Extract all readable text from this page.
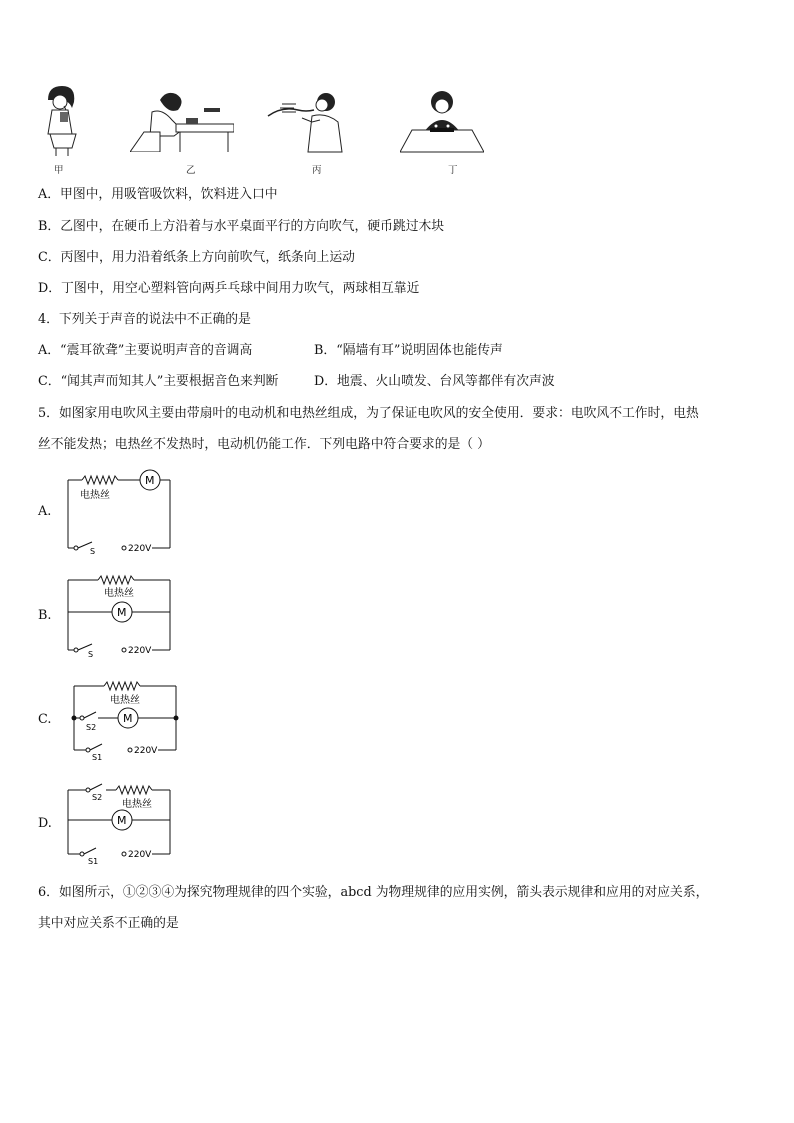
甲	乙	丙	丁
A．甲图中，用吸管吸饮料，饮料进入口中
B．乙图中，在硬币上方沿着与水平桌面平行的方向吹气，硬币跳过木块
C．丙图中，用力沿着纸条上方向前吹气，纸条向上运动
D．丁图中，用空心塑料管向两乒乓球中间用力吹气，两球相互靠近
4．下列关于声音的说法中不正确的是
A．“震耳欲聋”主要说明声音的音调高	B．“隔墙有耳”说明固体也能传声
C．“闻其声而知其人”主要根据音色来判断	D．地震、火山喷发、台风等都伴有次声波
5．如图家用电吹风主要由带扇叶的电动机和电热丝组成，为了保证电吹风的安全使用．要求：电吹风不工作时，电热
丝不能发热；电热丝不发热时，电动机仍能工作．下列电路中符合要求的是（ ）
A.
M
电热丝
S	220V
B.
电热丝
M
S	220V
C.
电热丝
S2
M
S1
220V
D.
S2
电热丝
M
S1
220V
6．如图所示，①②③④为探究物理规律的四个实验，abcd 为物理规律的应用实例，箭头表示规律和应用的对应关系，
其中对应关系不正确的是
